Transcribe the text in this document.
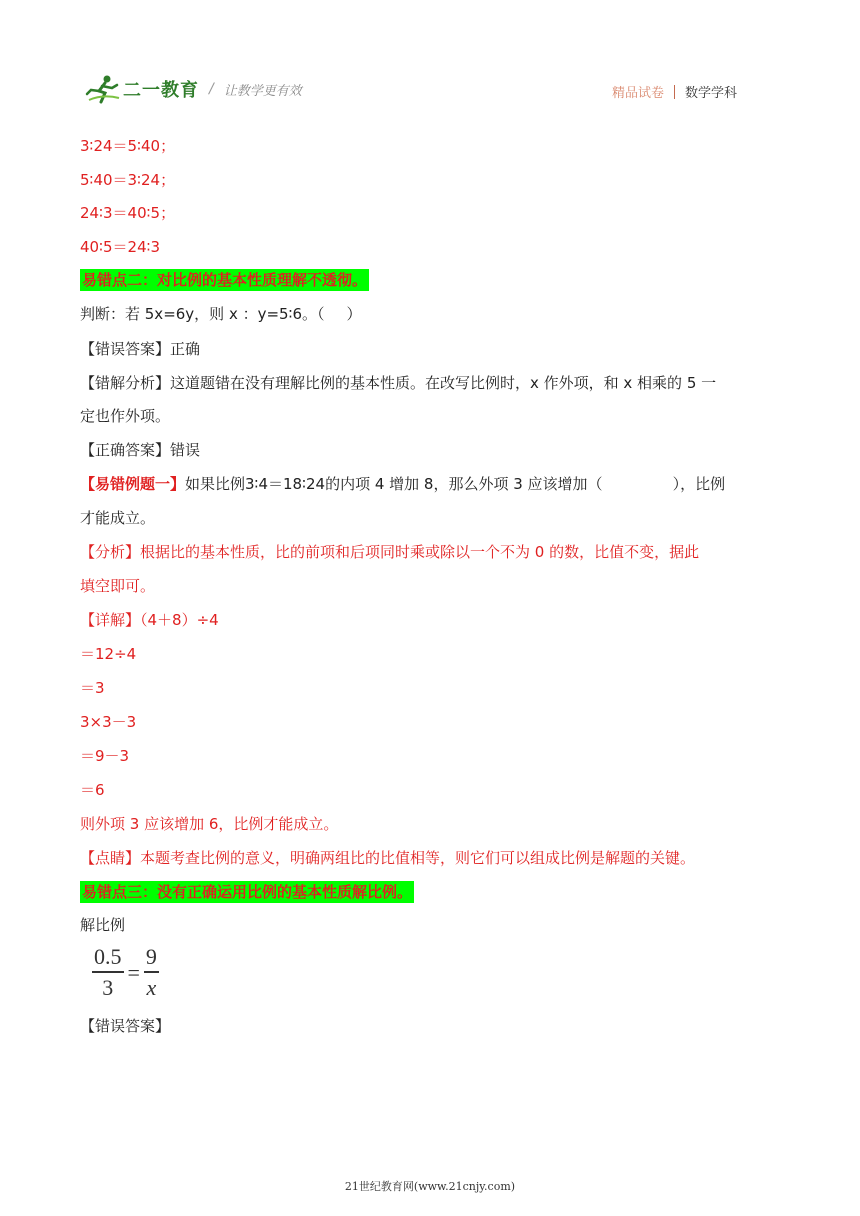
二一教育 / 让教学更有效	精品试卷 数学学科
3∶24＝5∶40；
5∶40＝3∶24；
24∶3＝40∶5；
40∶5＝24∶3
易错点二：对比例的基本性质理解不透彻。
判断：若 5x=6y，则 x ：y=5∶6。（ ）
【错误答案】正确
【错解分析】这道题错在没有理解比例的基本性质。在改写比例时，x 作外项，和 x 相乘的 5 一
定也作外项。
【正确答案】错误
【易错例题一】如果比例3∶4＝18∶24的内项 4 增加 8，那么外项 3 应该增加（	），比例
才能成立。
【分析】根据比的基本性质，比的前项和后项同时乘或除以一个不为 0 的数，比值不变，据此
填空即可。
【详解】（4＋8）÷4
＝12÷4
＝3
3×3－3
＝9－3
＝6
则外项 3 应该增加 6，比例才能成立。
【点睛】本题考查比例的意义，明确两组比的比值相等，则它们可以组成比例是解题的关键。
易错点三：没有正确运用比例的基本性质解比例。
解比例
$\frac{0.5}{3} = \frac{9}{x}$
【错误答案】
21世纪教育网(www.21cnjy.com)
